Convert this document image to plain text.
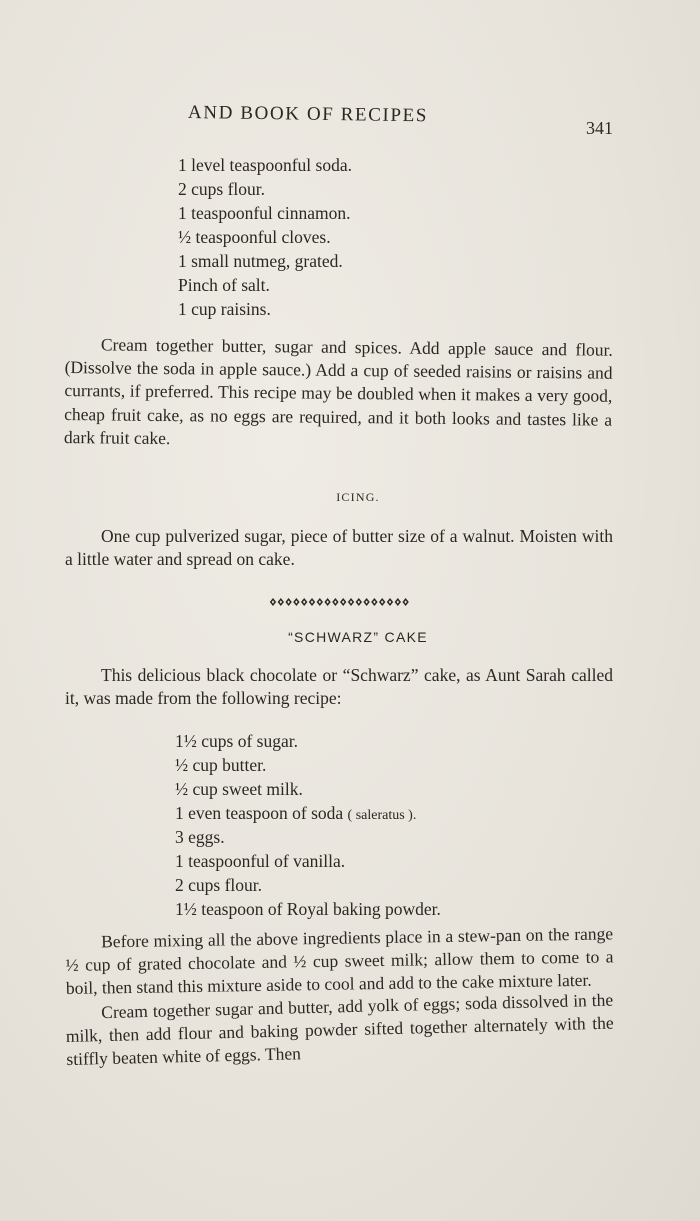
AND BOOK OF RECIPES
341
1 level teaspoonful soda.
2 cups flour.
1 teaspoonful cinnamon.
½ teaspoonful cloves.
1 small nutmeg, grated.
Pinch of salt.
1 cup raisins.

Cream together butter, sugar and spices. Add apple sauce and flour. (Dissolve the soda in apple sauce.) Add a cup of seeded raisins or raisins and currants, if preferred. This recipe may be doubled when it makes a very good, cheap fruit cake, as no eggs are required, and it both looks and tastes like a dark fruit cake.

ICING.

One cup pulverized sugar, piece of butter size of a walnut. Moisten with a little water and spread on cake.

“SCHWARZ” CAKE

This delicious black chocolate or “Schwarz” cake, as Aunt Sarah called it, was made from the following recipe:

1½ cups of sugar.
½ cup butter.
½ cup sweet milk.
1 even teaspoon of soda ( saleratus ).
3 eggs.
1 teaspoonful of vanilla.
2 cups flour.
1½ teaspoon of Royal baking powder.

Before mixing all the above ingredients place in a stew-pan on the range ½ cup of grated chocolate and ½ cup sweet milk; allow them to come to a boil, then stand this mixture aside to cool and add to the cake mixture later.

Cream together sugar and butter, add yolk of eggs; soda dissolved in the milk, then add flour and baking powder sifted together alternately with the stiffly beaten white of eggs. Then
